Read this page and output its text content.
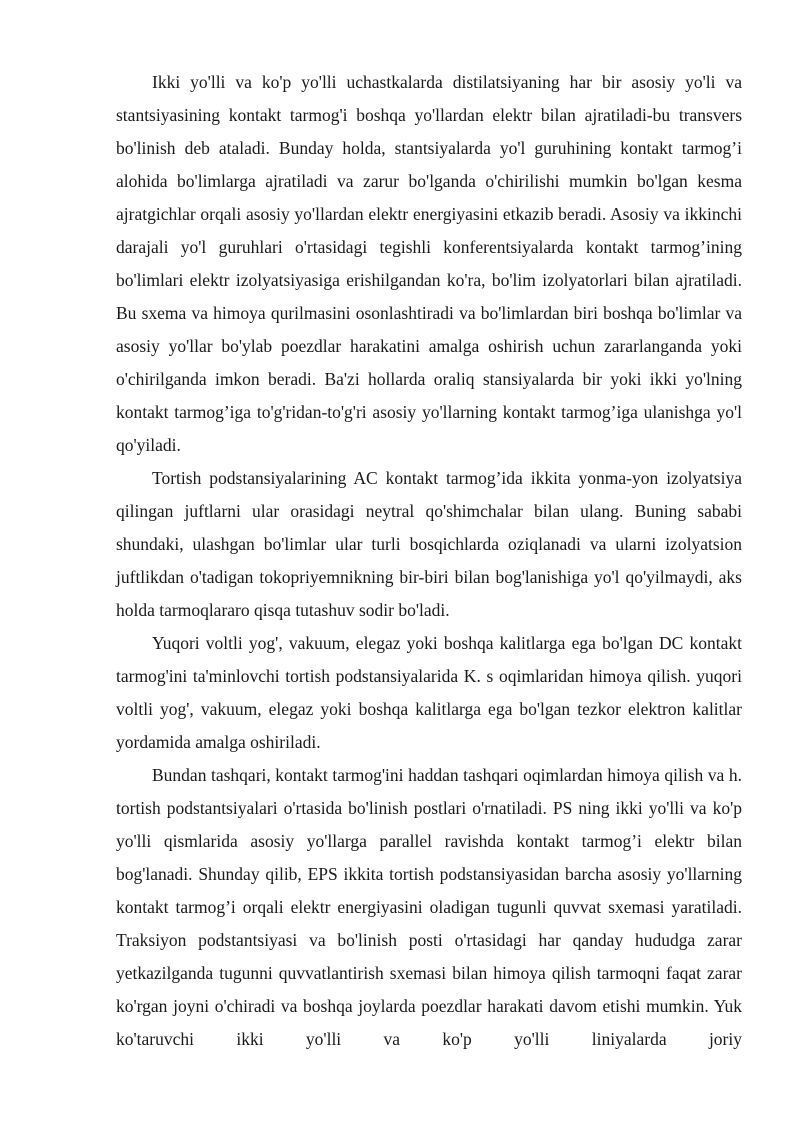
Ikki yo'lli va ko'p yo'lli uchastkalarda distilatsiyaning har bir asosiy yo'li va stantsiyasining kontakt tarmog'i boshqa yo'llardan elektr bilan ajratiladi-bu transvers bo'linish deb ataladi. Bunday holda, stantsiyalarda yo'l guruhining kontakt tarmog’i alohida bo'limlarga ajratiladi va zarur bo'lganda o'chirilishi mumkin bo'lgan kesma ajratgichlar orqali asosiy yo'llardan elektr energiyasini etkazib beradi. Asosiy va ikkinchi darajali yo'l guruhlari o'rtasidagi tegishli konferentsiyalarda kontakt tarmog’ining bo'limlari elektr izolyatsiyasiga erishilgandan ko'ra, bo'lim izolyatorlari bilan ajratiladi. Bu sxema va himoya qurilmasini osonlashtiradi va bo'limlardan biri boshqa bo'limlar va asosiy yo'llar bo'ylab poezdlar harakatini amalga oshirish uchun zararlanganda yoki o'chirilganda imkon beradi. Ba'zi hollarda oraliq stansiyalarda bir yoki ikki yo'lning kontakt tarmog’iga to'g'ridan-to'g'ri asosiy yo'llarning kontakt tarmog’iga ulanishga yo'l qo'yiladi.

Tortish podstansiyalarining AC kontakt tarmog’ida ikkita yonma-yon izolyatsiya qilingan juftlarni ular orasidagi neytral qo'shimchalar bilan ulang. Buning sababi shundaki, ulashgan bo'limlar ular turli bosqichlarda oziqlanadi va ularni izolyatsion juftlikdan o'tadigan tokopriyemnikning bir-biri bilan bog'lanishiga yo'l qo'yilmaydi, aks holda tarmoqlararo qisqa tutashuv sodir bo'ladi.

Yuqori voltli yog', vakuum, elegaz yoki boshqa kalitlarga ega bo'lgan DC kontakt tarmog'ini ta'minlovchi tortish podstansiyalarida K. s oqimlaridan himoya qilish. yuqori voltli yog', vakuum, elegaz yoki boshqa kalitlarga ega bo'lgan tezkor elektron kalitlar yordamida amalga oshiriladi.

Bundan tashqari, kontakt tarmog'ini haddan tashqari oqimlardan himoya qilish va h. tortish podstantsiyalari o'rtasida bo'linish postlari o'rnatiladi. PS ning ikki yo'lli va ko'p yo'lli qismlarida asosiy yo'llarga parallel ravishda kontakt tarmog’i elektr bilan bog'lanadi. Shunday qilib, EPS ikkita tortish podstansiyasidan barcha asosiy yo'llarning kontakt tarmog’i orqali elektr energiyasini oladigan tugunli quvvat sxemasi yaratiladi. Traksiyon podstantsiyasi va bo'linish posti o'rtasidagi har qanday hududga zarar yetkazilganda tugunni quvvatlantirish sxemasi bilan himoya qilish tarmoqni faqat zarar ko'rgan joyni o'chiradi va boshqa joylarda poezdlar harakati davom etishi mumkin. Yuk ko'taruvchi ikki yo'lli va ko'p yo'lli liniyalarda joriy
